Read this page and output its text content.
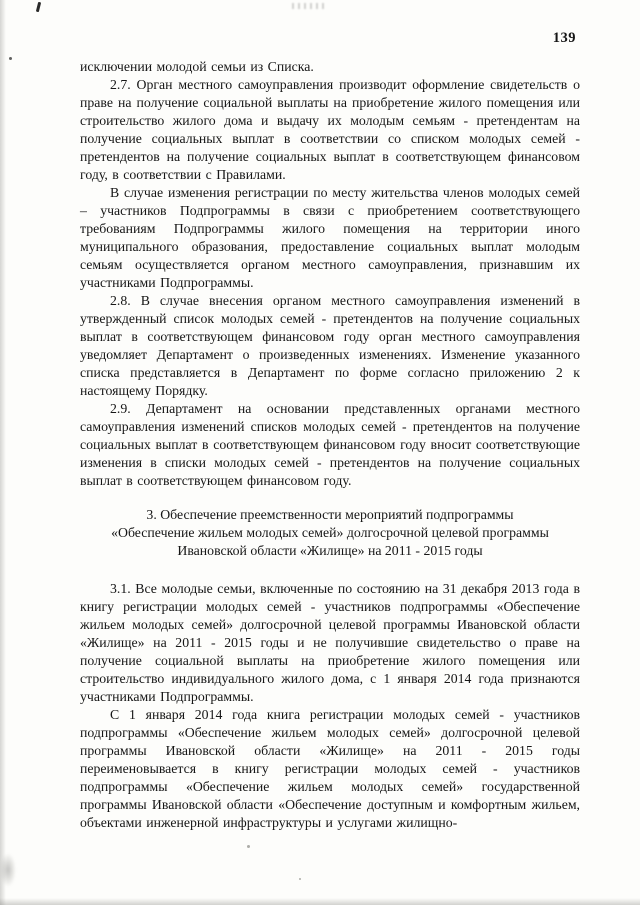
139

исключении молодой семьи из Списка.

2.7. Орган местного самоуправления производит оформление свидетельств о праве на получение социальной выплаты на приобретение жилого помещения или строительство жилого дома и выдачу их молодым семьям - претендентам на получение социальных выплат в соответствии со списком молодых семей - претендентов на получение социальных выплат в соответствующем финансовом году, в соответствии с Правилами.

В случае изменения регистрации по месту жительства членов молодых семей – участников Подпрограммы в связи с приобретением соответствующего требованиям Подпрограммы жилого помещения на территории иного муниципального образования, предоставление социальных выплат молодым семьям осуществляется органом местного самоуправления, признавшим их участниками Подпрограммы.

2.8. В случае внесения органом местного самоуправления изменений в утвержденный список молодых семей - претендентов на получение социальных выплат в соответствующем финансовом году орган местного самоуправления уведомляет Департамент о произведенных изменениях. Изменение указанного списка представляется в Департамент по форме согласно приложению 2 к настоящему Порядку.

2.9. Департамент на основании представленных органами местного самоуправления изменений списков молодых семей - претендентов на получение социальных выплат в соответствующем финансовом году вносит соответствующие изменения в списки молодых семей - претендентов на получение социальных выплат в соответствующем финансовом году.

3. Обеспечение преемственности мероприятий подпрограммы «Обеспечение жильем молодых семей» долгосрочной целевой программы Ивановской области «Жилище» на 2011 - 2015 годы

3.1. Все молодые семьи, включенные по состоянию на 31 декабря 2013 года в книгу регистрации молодых семей - участников подпрограммы «Обеспечение жильем молодых семей» долгосрочной целевой программы Ивановской области «Жилище» на 2011 - 2015 годы и не получившие свидетельство о праве на получение социальной выплаты на приобретение жилого помещения или строительство индивидуального жилого дома, с 1 января 2014 года признаются участниками Подпрограммы.

С 1 января 2014 года книга регистрации молодых семей - участников подпрограммы «Обеспечение жильем молодых семей» долгосрочной целевой программы Ивановской области «Жилище» на 2011 - 2015 годы переименовывается в книгу регистрации молодых семей - участников подпрограммы «Обеспечение жильем молодых семей» государственной программы Ивановской области «Обеспечение доступным и комфортным жильем, объектами инженерной инфраструктуры и услугами жилищно-
